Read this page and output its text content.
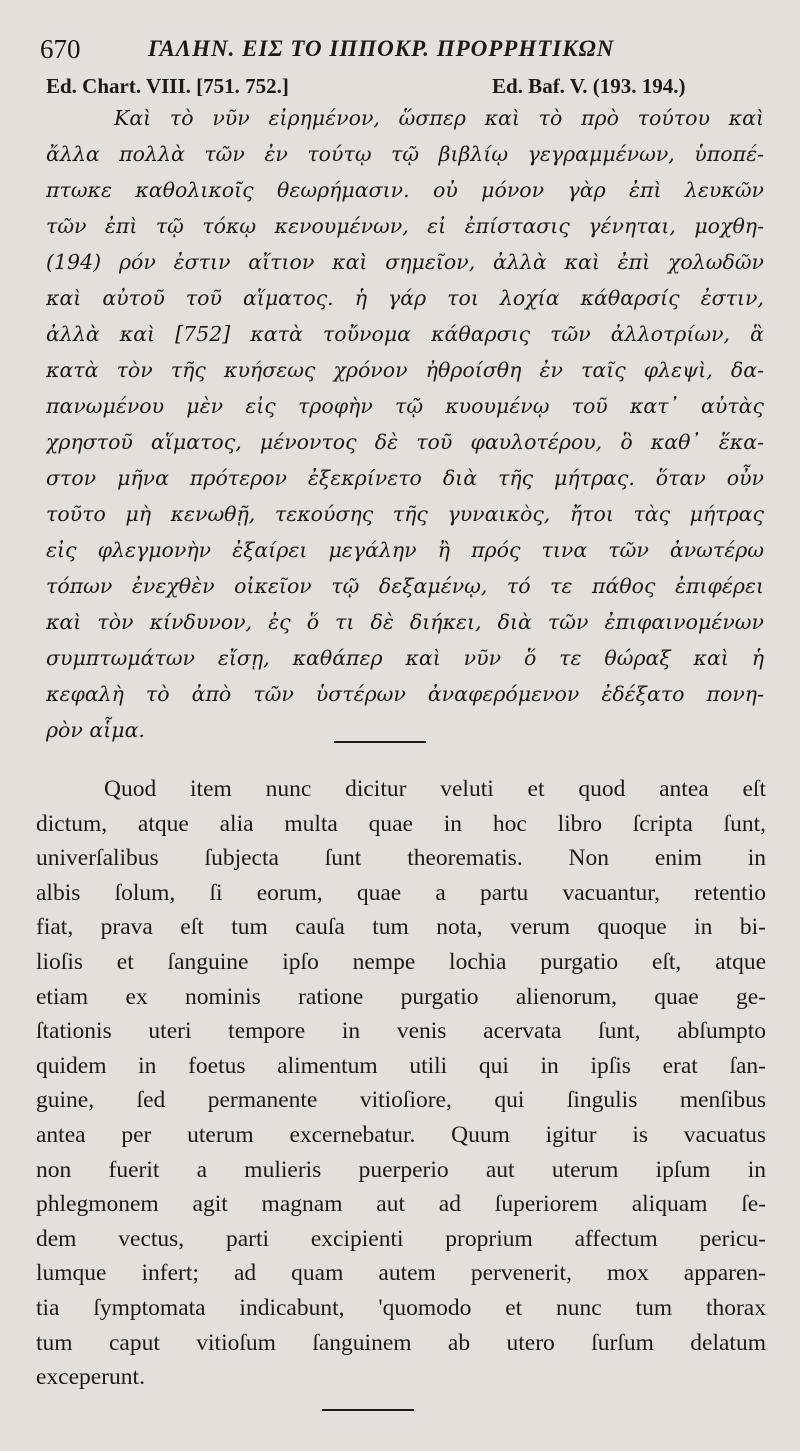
670	ΓΑΛΗΝ. ΕΙΣ ΤΟ ΙΠΠΟΚΡ. ΠΡΟΡΡΗΤΙΚΩΝ
Ed. Chart. VIII. [751. 752.]	Ed. Baf. V. (193. 194.)
Καὶ τὸ νῦν εἰρημένον, ὥσπερ καὶ τὸ πρὸ τούτου καὶ
ἄλλα πολλὰ τῶν ἐν τούτῳ τῷ βιβλίῳ γεγραμμένων, ὑποπέ-
πτωκε καθολικοῖς θεωρήμασιν. οὐ μόνον γὰρ ἐπὶ λευκῶν
τῶν ἐπὶ τῷ τόκῳ κενουμένων, εἰ ἐπίστασις γένηται, μοχθη-
(194) ρόν ἐστιν αἴτιον καὶ σημεῖον, ἀλλὰ καὶ ἐπὶ χολωδῶν
καὶ αὐτοῦ τοῦ αἵματος. ἡ γάρ τοι λοχία κάθαρσίς ἐστιν,
ἀλλὰ καὶ [752] κατὰ τοὔνομα κάθαρσις τῶν ἀλλοτρίων, ἃ
κατὰ τὸν τῆς κυήσεως χρόνον ἠθροίσθη ἐν ταῖς φλεψὶ, δα-
πανωμένου μὲν εἰς τροφὴν τῷ κυουμένῳ τοῦ κατ᾽ αὐτὰς
χρηστοῦ αἵματος, μένοντος δὲ τοῦ φαυλοτέρου, ὃ καθ᾽ ἕκα-
στον μῆνα πρότερον ἐξεκρίνετο διὰ τῆς μήτρας. ὅταν οὖν
τοῦτο μὴ κενωθῇ, τεκούσης τῆς γυναικὸς, ἤτοι τὰς μήτρας
εἰς φλεγμονὴν ἐξαίρει μεγάλην ἢ πρός τινα τῶν ἀνωτέρω
τόπων ἐνεχθὲν οἰκεῖον τῷ δεξαμένῳ, τό τε πάθος ἐπιφέρει
καὶ τὸν κίνδυνον, ἐς ὅ τι δὲ διήκει, διὰ τῶν ἐπιφαινομένων
συμπτωμάτων εἴσῃ, καθάπερ καὶ νῦν ὅ τε θώραξ καὶ ἡ
κεφαλὴ τὸ ἀπὸ τῶν ὑστέρων ἀναφερόμενον ἐδέξατο πονη-
ρὸν αἷμα.
Quod item nunc dicitur veluti et quod antea eſt
dictum, atque alia multa quae in hoc libro ſcripta ſunt,
univerſalibus ſubjecta ſunt theorematis. Non enim in
albis ſolum, ſi eorum, quae a partu vacuantur, retentio
fiat, prava eſt tum cauſa tum nota, verum quoque in bi-
lioſis et ſanguine ipſo nempe lochia purgatio eſt, atque
etiam ex nominis ratione purgatio alienorum, quae ge-
ſtationis uteri tempore in venis acervata ſunt, abſumpto
quidem in foetus alimentum utili qui in ipſis erat ſan-
guine, ſed permanente vitioſiore, qui ſingulis menſibus
antea per uterum excernebatur. Quum igitur is vacuatus
non fuerit a mulieris puerperio aut uterum ipſum in
phlegmonem agit magnam aut ad ſuperiorem aliquam ſe-
dem vectus, parti excipienti proprium affectum pericu-
lumque infert; ad quam autem pervenerit, mox apparen-
tia ſymptomata indicabunt, 'quomodo et nunc tum thorax
tum caput vitioſum ſanguinem ab utero ſurſum delatum
exceperunt.
